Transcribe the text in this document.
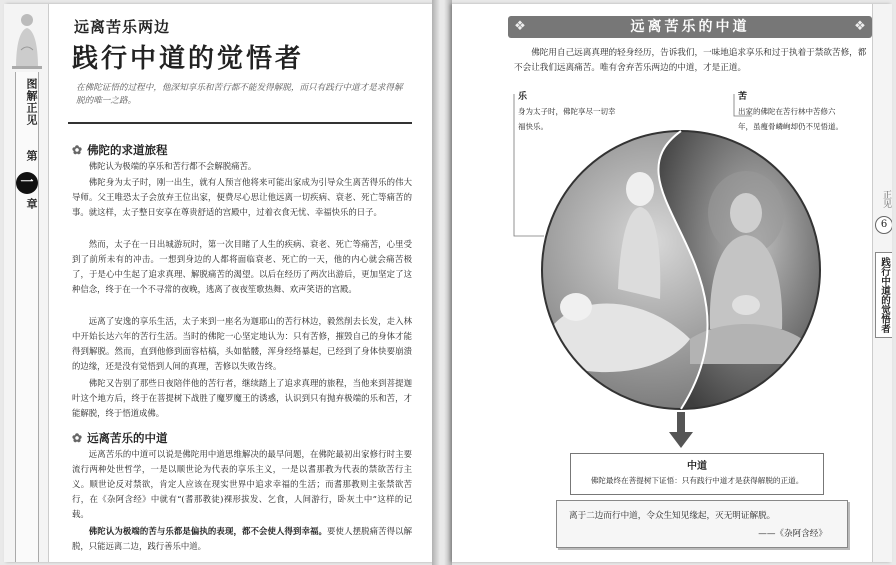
图解正见
第
一
章
远离苦乐两边
践行中道的觉悟者
在佛陀证悟的过程中，他深知享乐和苦行都不能发得解脱，而只有践行中道才是求得解脱的唯一之路。
✿ 佛陀的求道旅程

佛陀认为极端的享乐和苦行都不会解脱痛苦。

佛陀身为太子时，刚一出生，就有人预言他将来可能出家成为引导众生离苦得乐的伟大导师。父王唯恐太子会放弃王位出家，便费尽心思让他远离一切疾病、衰老、死亡等痛苦的事。就这样，太子整日安享在尊贵舒适的宫殿中，过着衣食无忧、幸福快乐的日子。

然而，太子在一日出城游玩时，第一次目睹了人生的疾病、衰老、死亡等痛苦，心里受到了前所未有的冲击。一想到身边的人都将面临衰老、死亡的一天，他的内心就会痛苦极了，于是心中生起了追求真理、解脱痛苦的渴望。以后在经历了两次出游后，更加坚定了这种信念，终于在一个不寻常的夜晚，逃离了夜夜笙歌热舞、欢声笑语的宫殿。

远离了安逸的享乐生活，太子来到一座名为迦耶山的苦行林边，毅然削去长发，走入林中开始长达六年的苦行生活。当时的佛陀一心坚定地认为：只有苦修，摧毁自己的身体才能得到解脱。然而，直到他修到面容枯槁，头如骷髅，浑身经络暴起，已经到了身体快要崩溃的边缘，还是没有觉悟到人间的真理，苦修以失败告终。

佛陀又告别了那些日夜陪伴他的苦行者，继续踏上了追求真理的旅程，当他来到菩提迦叶这个地方后，终于在菩提树下战胜了魔罗魔王的诱惑，认识到只有抛弃极端的乐和苦，才能解脱，终于悟道成佛。

✿ 远离苦乐的中道

远离苦乐的中道可以说是佛陀用中道思维解决的最早问题，在佛陀最初出家修行时主要流行两种处世哲学，一是以顺世论为代表的享乐主义，一是以耆那教为代表的禁欲苦行主义。顺世论反对禁欲，肯定人应该在现实世界中追求幸福的生活；而耆那教则主张禁欲苦行，在《杂阿含经》中就有“(耆那教徒)裸形拔发、乞食，人间游行，卧灰土中”这样的记载。

佛陀认为极端的苦与乐都是偏执的表现，都不会使人得到幸福。要使人摆脱痛苦得以解脱，只能远离二边，践行善乐中道。

❖	远离苦乐的中道	❖

佛陀用自己远离真理的轻身经历，告诉我们，一味地追求享乐和过于执着于禁欲苦修，都不会让我们远离痛苦。唯有舍弃苦乐两边的中道，才是正道。

乐
身为太子时，佛陀享尽一切幸福快乐。
苦
出家的佛陀在苦行林中苦修六年，虽瘦骨嶙峋却仍不见悟道。
中道
佛陀最终在菩提树下证悟：只有践行中道才是获得解脱的正道。
离于二边而行中道，令众生知见缘起，灭无明证解脱。
——《杂阿含经》
正见
6
践行中道的觉悟者
